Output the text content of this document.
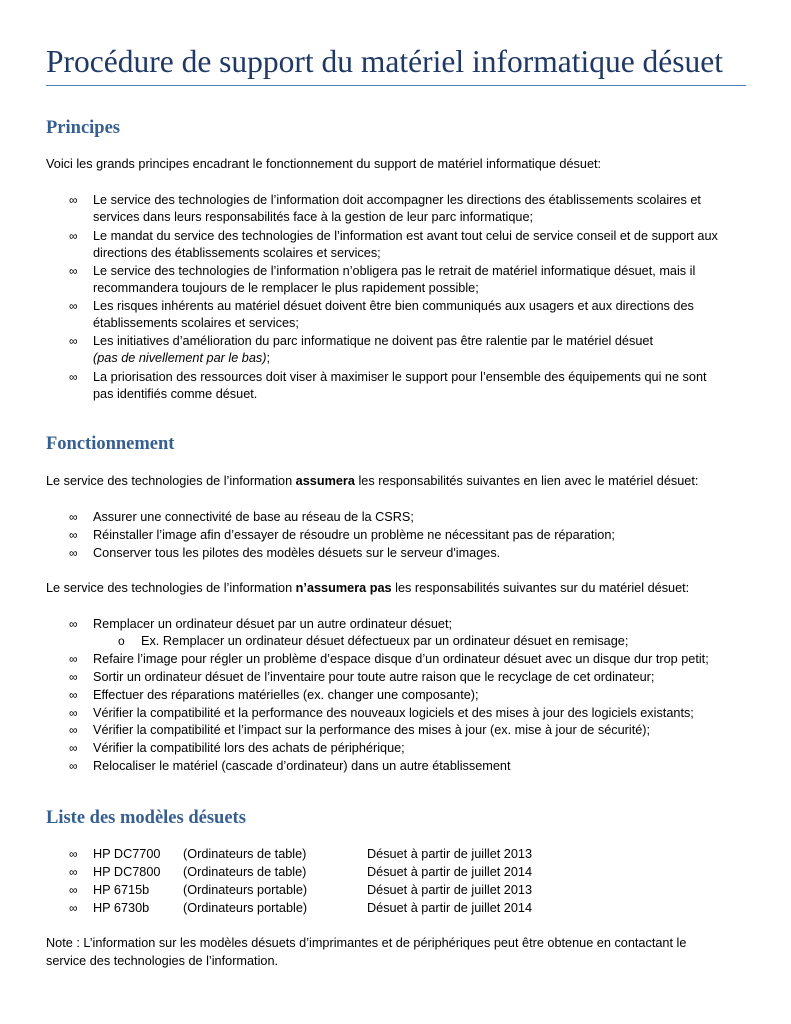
Procédure de support du matériel informatique désuet
Principes

Voici les grands principes encadrant le fonctionnement du support de matériel informatique désuet:

∞	Le service des technologies de l’information doit accompagner les directions des établissements scolaires et
services dans leurs responsabilités face à la gestion de leur parc informatique;
∞	Le mandat du service des technologies de l’information est avant tout celui de service conseil et de support aux
directions des établissements scolaires et services;
∞	Le service des technologies de l’information n’obligera pas le retrait de matériel informatique désuet, mais il
recommandera toujours de le remplacer le plus rapidement possible;
∞	Les risques inhérents au matériel désuet doivent être bien communiqués aux usagers et aux directions des
établissements scolaires et services;
∞	Les initiatives d’amélioration du parc informatique ne doivent pas être ralentie par le matériel désuet
(pas de nivellement par le bas);
∞	La priorisation des ressources doit viser à maximiser le support pour l’ensemble des équipements qui ne sont
pas identifiés comme désuet.
Fonctionnement

Le service des technologies de l’information assumera les responsabilités suivantes en lien avec le matériel désuet:

∞	Assurer une connectivité de base au réseau de la CSRS;
∞	Réinstaller l’image afin d’essayer de résoudre un problème ne nécessitant pas de réparation;
∞	Conserver tous les pilotes des modèles désuets sur le serveur d'images.

Le service des technologies de l’information n’assumera pas les responsabilités suivantes sur du matériel désuet:

∞	Remplacer un ordinateur désuet par un autre ordinateur désuet;
o Ex. Remplacer un ordinateur désuet défectueux par un ordinateur désuet en remisage;
∞	Refaire l’image pour régler un problème d’espace disque d’un ordinateur désuet avec un disque dur trop petit;
∞	Sortir un ordinateur désuet de l’inventaire pour toute autre raison que le recyclage de cet ordinateur;
∞	Effectuer des réparations matérielles (ex. changer une composante);
∞	Vérifier la compatibilité et la performance des nouveaux logiciels et des mises à jour des logiciels existants;
∞	Vérifier la compatibilité et l’impact sur la performance des mises à jour (ex. mise à jour de sécurité);
∞	Vérifier la compatibilité lors des achats de périphérique;
∞	Relocaliser le matériel (cascade d’ordinateur) dans un autre établissement
Liste des modèles désuets
∞	HP DC7700 (Ordinateurs de table)	Désuet à partir de juillet 2013
∞	HP DC7800 (Ordinateurs de table)	Désuet à partir de juillet 2014
∞	HP 6715b	(Ordinateurs portable)	Désuet à partir de juillet 2013
∞	HP 6730b	(Ordinateurs portable)	Désuet à partir de juillet 2014

Note : L’information sur les modèles désuets d’imprimantes et de périphériques peut être obtenue en contactant le

service des technologies de l’information.
